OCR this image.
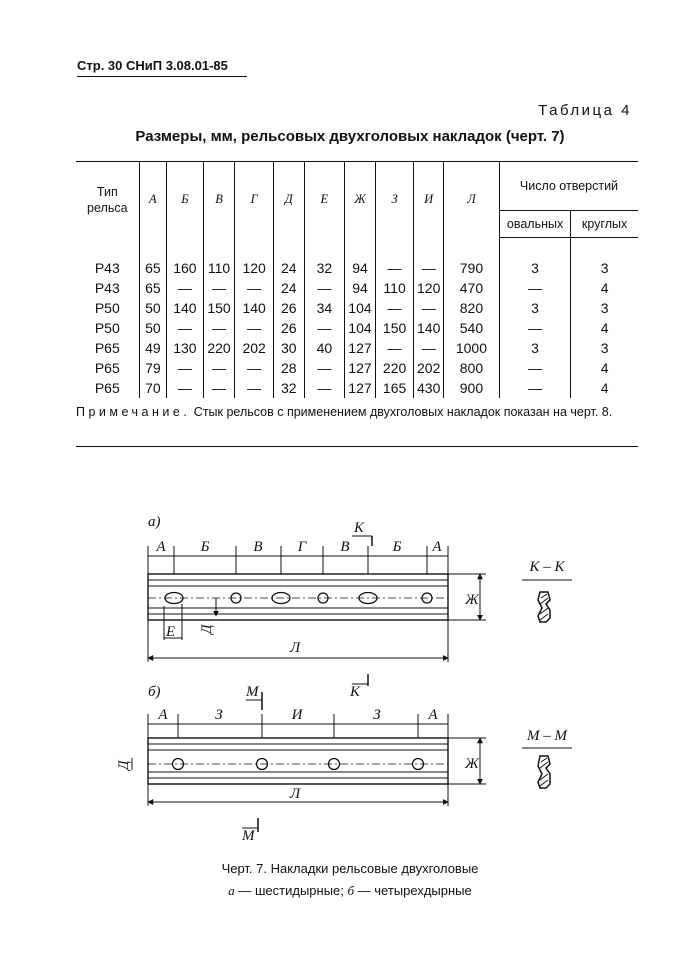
Стр. 30 СНиП 3.08.01-85
Таблица 4
Размеры, мм, рельсовых двухголовых накладок (черт. 7)
Тип рельса	А	Б	В	Г	Д	Е	Ж	З	И	Л	Число отверстий	
											овальных	круглых

Р43	65	160	110	120	24	32	94	—	—	790	3	3
Р43	65	—	—	—	24	—	94	110	120	470	—	4
Р50	50	140	150	140	26	34	104	—	—	820	3	3
Р50	50	—	—	—	26	—	104	150	140	540	—	4
Р65	49	130	220	202	30	40	127	—	—	1000	3	3
Р65	79	—	—	—	28	—	127	220	202	800	—	4
Р65	70	—	—	—	32	—	127	165	430	900	—	4
Примечание. Стык рельсов с применением двухголовых накладок показан на черт. 8.
а)
А Б	В Г В	Б А
К
К
Л
Ж
Е Д
К – К
б)
А	З	И	З	А
М
М
Л
Ж
Д
М – М
Черт. 7. Накладки рельсовые двухголовые
а — шестидырные; б — четырехдырные
